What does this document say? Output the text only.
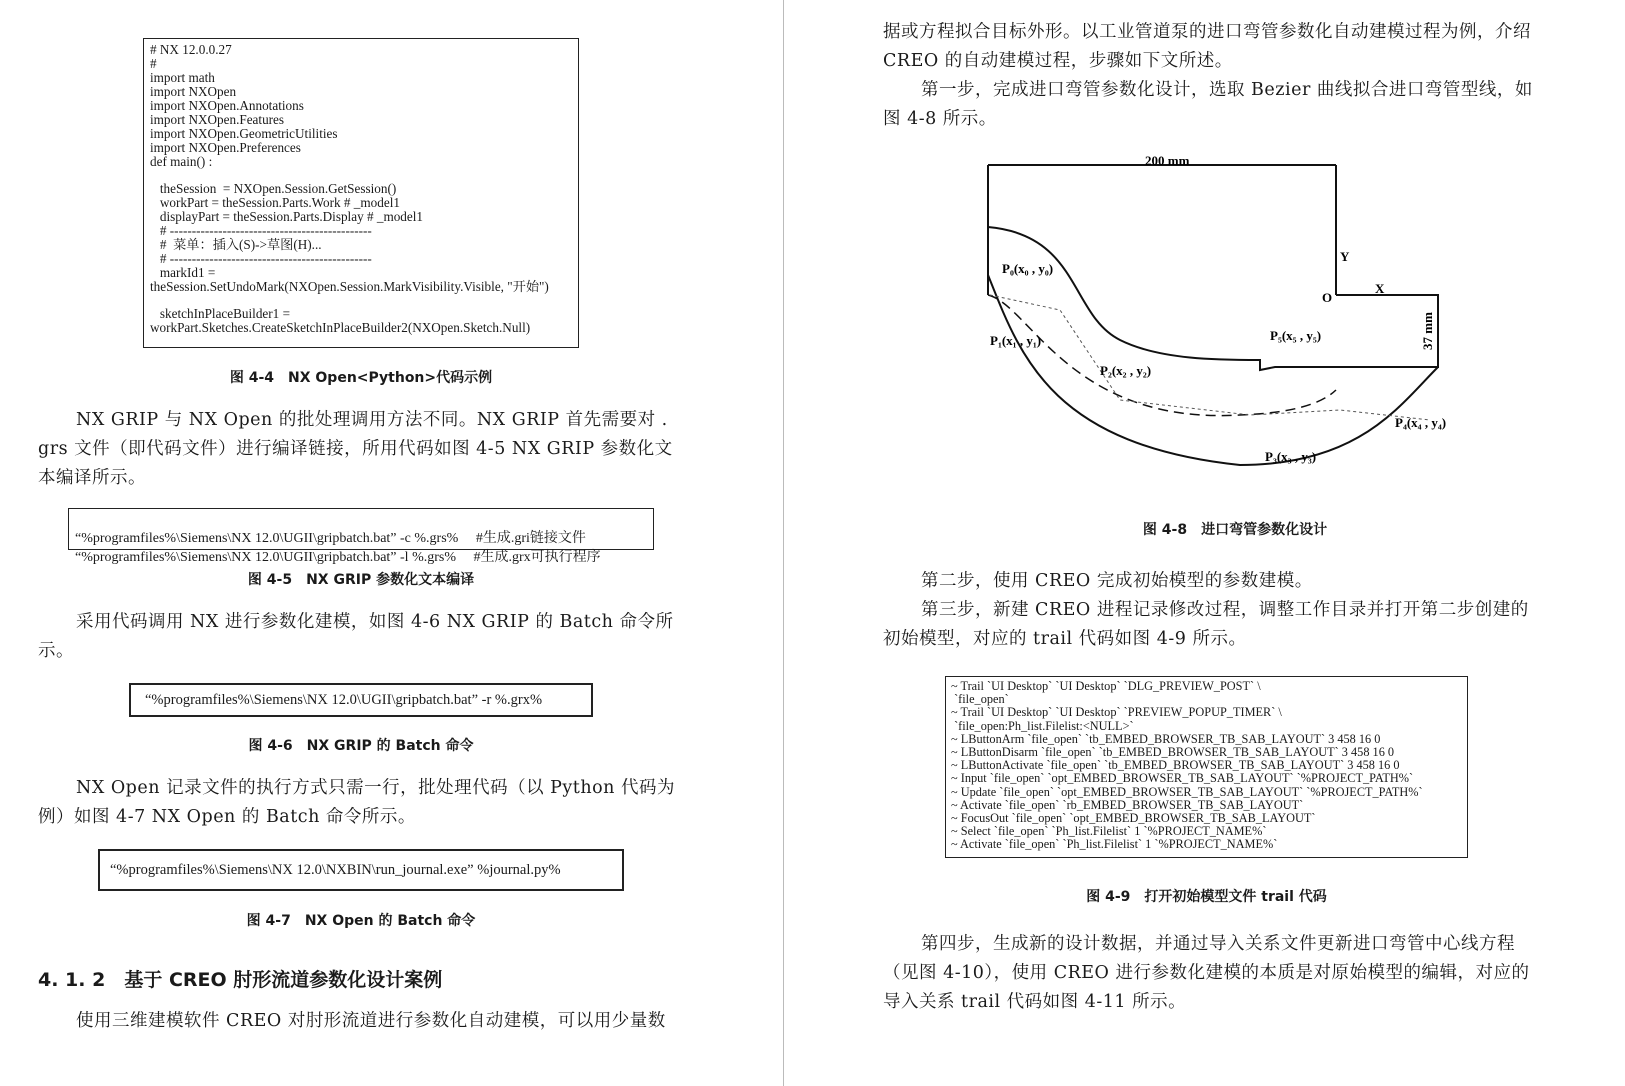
# NX 12.0.0.27
#
import math
import NXOpen
import NXOpen.Annotations
import NXOpen.Features
import NXOpen.GeometricUtilities
import NXOpen.Preferences
def main() :
theSession  = NXOpen.Session.GetSession()
workPart = theSession.Parts.Work # _model1
displayPart = theSession.Parts.Display # _model1
# ----------------------------------------------
#  菜单：插入(S)->草图(H)...
# ----------------------------------------------
markId1 =
theSession.SetUndoMark(NXOpen.Session.MarkVisibility.Visible, "开始")
sketchInPlaceBuilder1 =
workPart.Sketches.CreateSketchInPlaceBuilder2(NXOpen.Sketch.Null)
图 4-4　NX Open<Python>代码示例
NX GRIP 与 NX Open 的批处理调用方法不同。NX GRIP 首先需要对 . grs 文件（即代码文件）进行编译链接，所用代码如图 4-5 NX GRIP 参数化文本编译所示。

“%programfiles%\Siemens\NX 12.0\UGII\gripbatch.bat” -c %.grs%     #生成.gri链接文件
“%programfiles%\Siemens\NX 12.0\UGII\gripbatch.bat” -l %.grs%     #生成.grx可执行程序
图 4-5　NX GRIP 参数化文本编译
采用代码调用 NX 进行参数化建模，如图 4-6 NX GRIP 的 Batch 命令所示。
“%programfiles%\Siemens\NX 12.0\UGII\gripbatch.bat” -r %.grx%
图 4-6　NX GRIP 的 Batch 命令
NX Open 记录文件的执行方式只需一行，批处理代码（以 Python 代码为例）如图 4-7 NX Open 的 Batch 命令所示。
“%programfiles%\Siemens\NX 12.0\NXBIN\run_journal.exe” %journal.py%
图 4-7　NX Open 的 Batch 命令
4. 1. 2　基于 CREO 肘形流道参数化设计案例
使用三维建模软件 CREO 对肘形流道进行参数化自动建模，可以用少量数
据或方程拟合目标外形。以工业管道泵的进口弯管参数化自动建模过程为例，介绍 CREO 的自动建模过程，步骤如下文所述。
第一步，完成进口弯管参数化设计，选取 Bezier 曲线拟合进口弯管型线，如图 4-8 所示。
200 mm
Y
X
O
37 mm
P₀(x₀ , y₀)
P₁(x₁ , y₁)
P₂(x₂ , y₂)
P₃(x₃ , y₃)
P₄(x₄ , y₄)
P₅(x₅ , y₅)
图 4-8　进口弯管参数化设计
第二步，使用 CREO 完成初始模型的参数建模。
第三步，新建 CREO 进程记录修改过程，调整工作目录并打开第二步创建的初始模型，对应的 trail 代码如图 4-9 所示。
~ Trail `UI Desktop` `UI Desktop` `DLG_PREVIEW_POST` \
`file_open`
~ Trail `UI Desktop` `UI Desktop` `PREVIEW_POPUP_TIMER` \
`file_open:Ph_list.Filelist:<NULL>`
~ LButtonArm `file_open` `tb_EMBED_BROWSER_TB_SAB_LAYOUT` 3 458 16 0
~ LButtonDisarm `file_open` `tb_EMBED_BROWSER_TB_SAB_LAYOUT` 3 458 16 0
~ LButtonActivate `file_open` `tb_EMBED_BROWSER_TB_SAB_LAYOUT` 3 458 16 0
~ Input `file_open` `opt_EMBED_BROWSER_TB_SAB_LAYOUT` `%PROJECT_PATH%`
~ Update `file_open` `opt_EMBED_BROWSER_TB_SAB_LAYOUT` `%PROJECT_PATH%`
~ Activate `file_open` `rb_EMBED_BROWSER_TB_SAB_LAYOUT`
~ FocusOut `file_open` `opt_EMBED_BROWSER_TB_SAB_LAYOUT`
~ Select `file_open` `Ph_list.Filelist` 1 `%PROJECT_NAME%`
~ Activate `file_open` `Ph_list.Filelist` 1 `%PROJECT_NAME%`
图 4-9　打开初始模型文件 trail 代码
第四步，生成新的设计数据，并通过导入关系文件更新进口弯管中心线方程（见图 4-10），使用 CREO 进行参数化建模的本质是对原始模型的编辑，对应的导入关系 trail 代码如图 4-11 所示。
